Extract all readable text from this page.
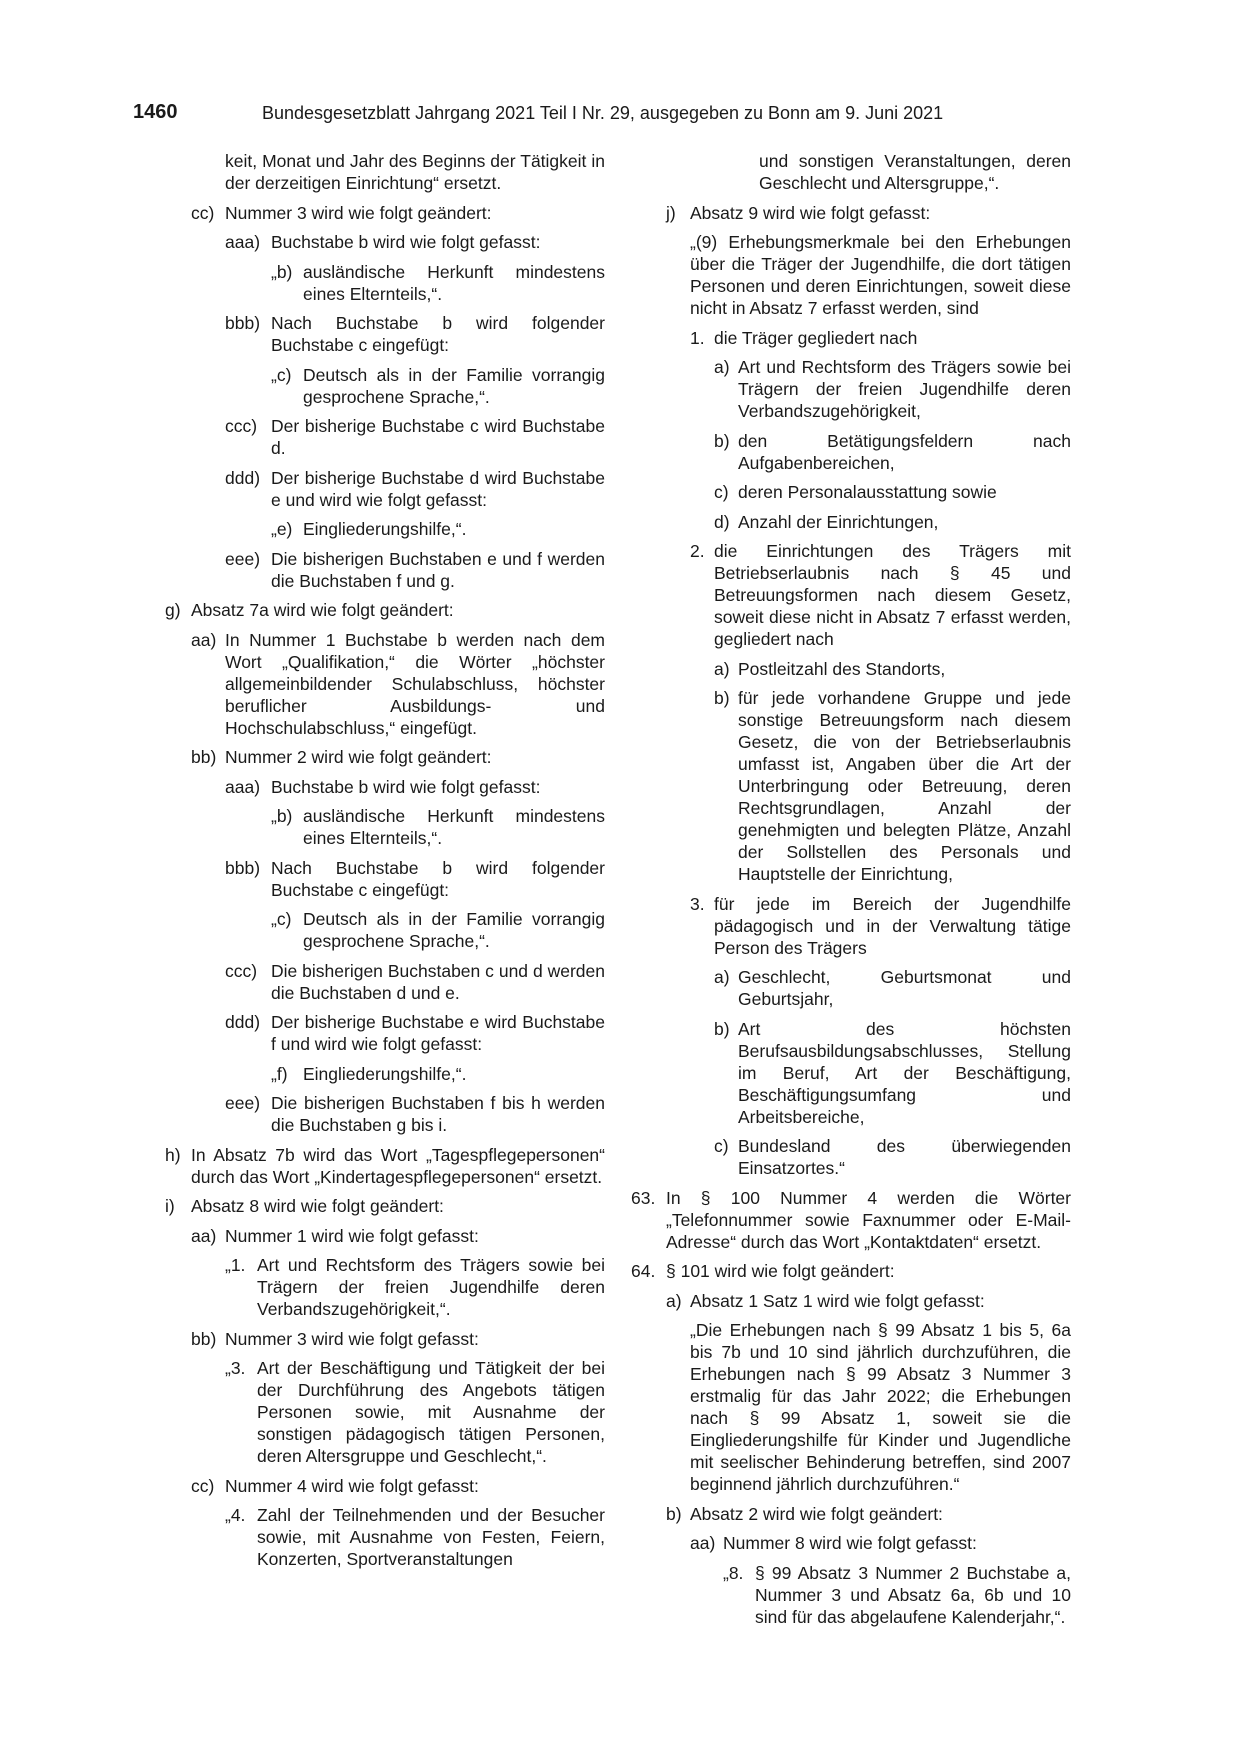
1460	Bundesgesetzblatt Jahrgang 2021 Teil I Nr. 29, ausgegeben zu Bonn am 9. Juni 2021
keit, Monat und Jahr des Beginns der Tätigkeit in der derzeitigen Einrichtung“ ersetzt.
cc) Nummer 3 wird wie folgt geändert:
aaa) Buchstabe b wird wie folgt gefasst:
„b) ausländische Herkunft mindestens eines Elternteils,“.
bbb) Nach Buchstabe b wird folgender Buchstabe c eingefügt:
„c) Deutsch als in der Familie vorrangig gesprochene Sprache,“.
ccc) Der bisherige Buchstabe c wird Buchstabe d.
ddd) Der bisherige Buchstabe d wird Buchstabe e und wird wie folgt gefasst:
„e) Eingliederungshilfe,“.
eee) Die bisherigen Buchstaben e und f werden die Buchstaben f und g.
g) Absatz 7a wird wie folgt geändert:
aa) In Nummer 1 Buchstabe b werden nach dem Wort „Qualifikation,“ die Wörter „höchster allgemeinbildender Schulabschluss, höchster beruflicher Ausbildungs- und Hochschulabschluss,“ eingefügt.
bb) Nummer 2 wird wie folgt geändert:
aaa) Buchstabe b wird wie folgt gefasst:
„b) ausländische Herkunft mindestens eines Elternteils,“.
bbb) Nach Buchstabe b wird folgender Buchstabe c eingefügt:
„c) Deutsch als in der Familie vorrangig gesprochene Sprache,“.
ccc) Die bisherigen Buchstaben c und d werden die Buchstaben d und e.
ddd) Der bisherige Buchstabe e wird Buchstabe f und wird wie folgt gefasst:
„f) Eingliederungshilfe,“.
eee) Die bisherigen Buchstaben f bis h werden die Buchstaben g bis i.
h) In Absatz 7b wird das Wort „Tagespflegepersonen“ durch das Wort „Kindertagespflegepersonen“ ersetzt.
i) Absatz 8 wird wie folgt geändert:
aa) Nummer 1 wird wie folgt gefasst:
„1. Art und Rechtsform des Trägers sowie bei Trägern der freien Jugendhilfe deren Verbandszugehörigkeit,“.
bb) Nummer 3 wird wie folgt gefasst:
„3. Art der Beschäftigung und Tätigkeit der bei der Durchführung des Angebots tätigen Personen sowie, mit Ausnahme der sonstigen pädagogisch tätigen Personen, deren Altersgruppe und Geschlecht,“.
cc) Nummer 4 wird wie folgt gefasst:
„4. Zahl der Teilnehmenden und der Besucher sowie, mit Ausnahme von Festen, Feiern, Konzerten, Sportveranstaltungen
und sonstigen Veranstaltungen, deren Geschlecht und Altersgruppe,“.
j) Absatz 9 wird wie folgt gefasst:
„(9) Erhebungsmerkmale bei den Erhebungen über die Träger der Jugendhilfe, die dort tätigen Personen und deren Einrichtungen, soweit diese nicht in Absatz 7 erfasst werden, sind
1. die Träger gegliedert nach
a) Art und Rechtsform des Trägers sowie bei Trägern der freien Jugendhilfe deren Verbandszugehörigkeit,
b) den Betätigungsfeldern nach Aufgabenbereichen,
c) deren Personalausstattung sowie
d) Anzahl der Einrichtungen,
2. die Einrichtungen des Trägers mit Betriebserlaubnis nach § 45 und Betreuungsformen nach diesem Gesetz, soweit diese nicht in Absatz 7 erfasst werden, gegliedert nach
a) Postleitzahl des Standorts,
b) für jede vorhandene Gruppe und jede sonstige Betreuungsform nach diesem Gesetz, die von der Betriebserlaubnis umfasst ist, Angaben über die Art der Unterbringung oder Betreuung, deren Rechtsgrundlagen, Anzahl der genehmigten und belegten Plätze, Anzahl der Sollstellen des Personals und Hauptstelle der Einrichtung,
3. für jede im Bereich der Jugendhilfe pädagogisch und in der Verwaltung tätige Person des Trägers
a) Geschlecht, Geburtsmonat und Geburtsjahr,
b) Art des höchsten Berufsausbildungsabschlusses, Stellung im Beruf, Art der Beschäftigung, Beschäftigungsumfang und Arbeitsbereiche,
c) Bundesland des überwiegenden Einsatzortes.“
63. In § 100 Nummer 4 werden die Wörter „Telefonnummer sowie Faxnummer oder E-Mail-Adresse“ durch das Wort „Kontaktdaten“ ersetzt.
64. § 101 wird wie folgt geändert:
a) Absatz 1 Satz 1 wird wie folgt gefasst:
„Die Erhebungen nach § 99 Absatz 1 bis 5, 6a bis 7b und 10 sind jährlich durchzuführen, die Erhebungen nach § 99 Absatz 3 Nummer 3 erstmalig für das Jahr 2022; die Erhebungen nach § 99 Absatz 1, soweit sie die Eingliederungshilfe für Kinder und Jugendliche mit seelischer Behinderung betreffen, sind 2007 beginnend jährlich durchzuführen.“
b) Absatz 2 wird wie folgt geändert:
aa) Nummer 8 wird wie folgt gefasst:
„8. § 99 Absatz 3 Nummer 2 Buchstabe a, Nummer 3 und Absatz 6a, 6b und 10 sind für das abgelaufene Kalenderjahr,“.
